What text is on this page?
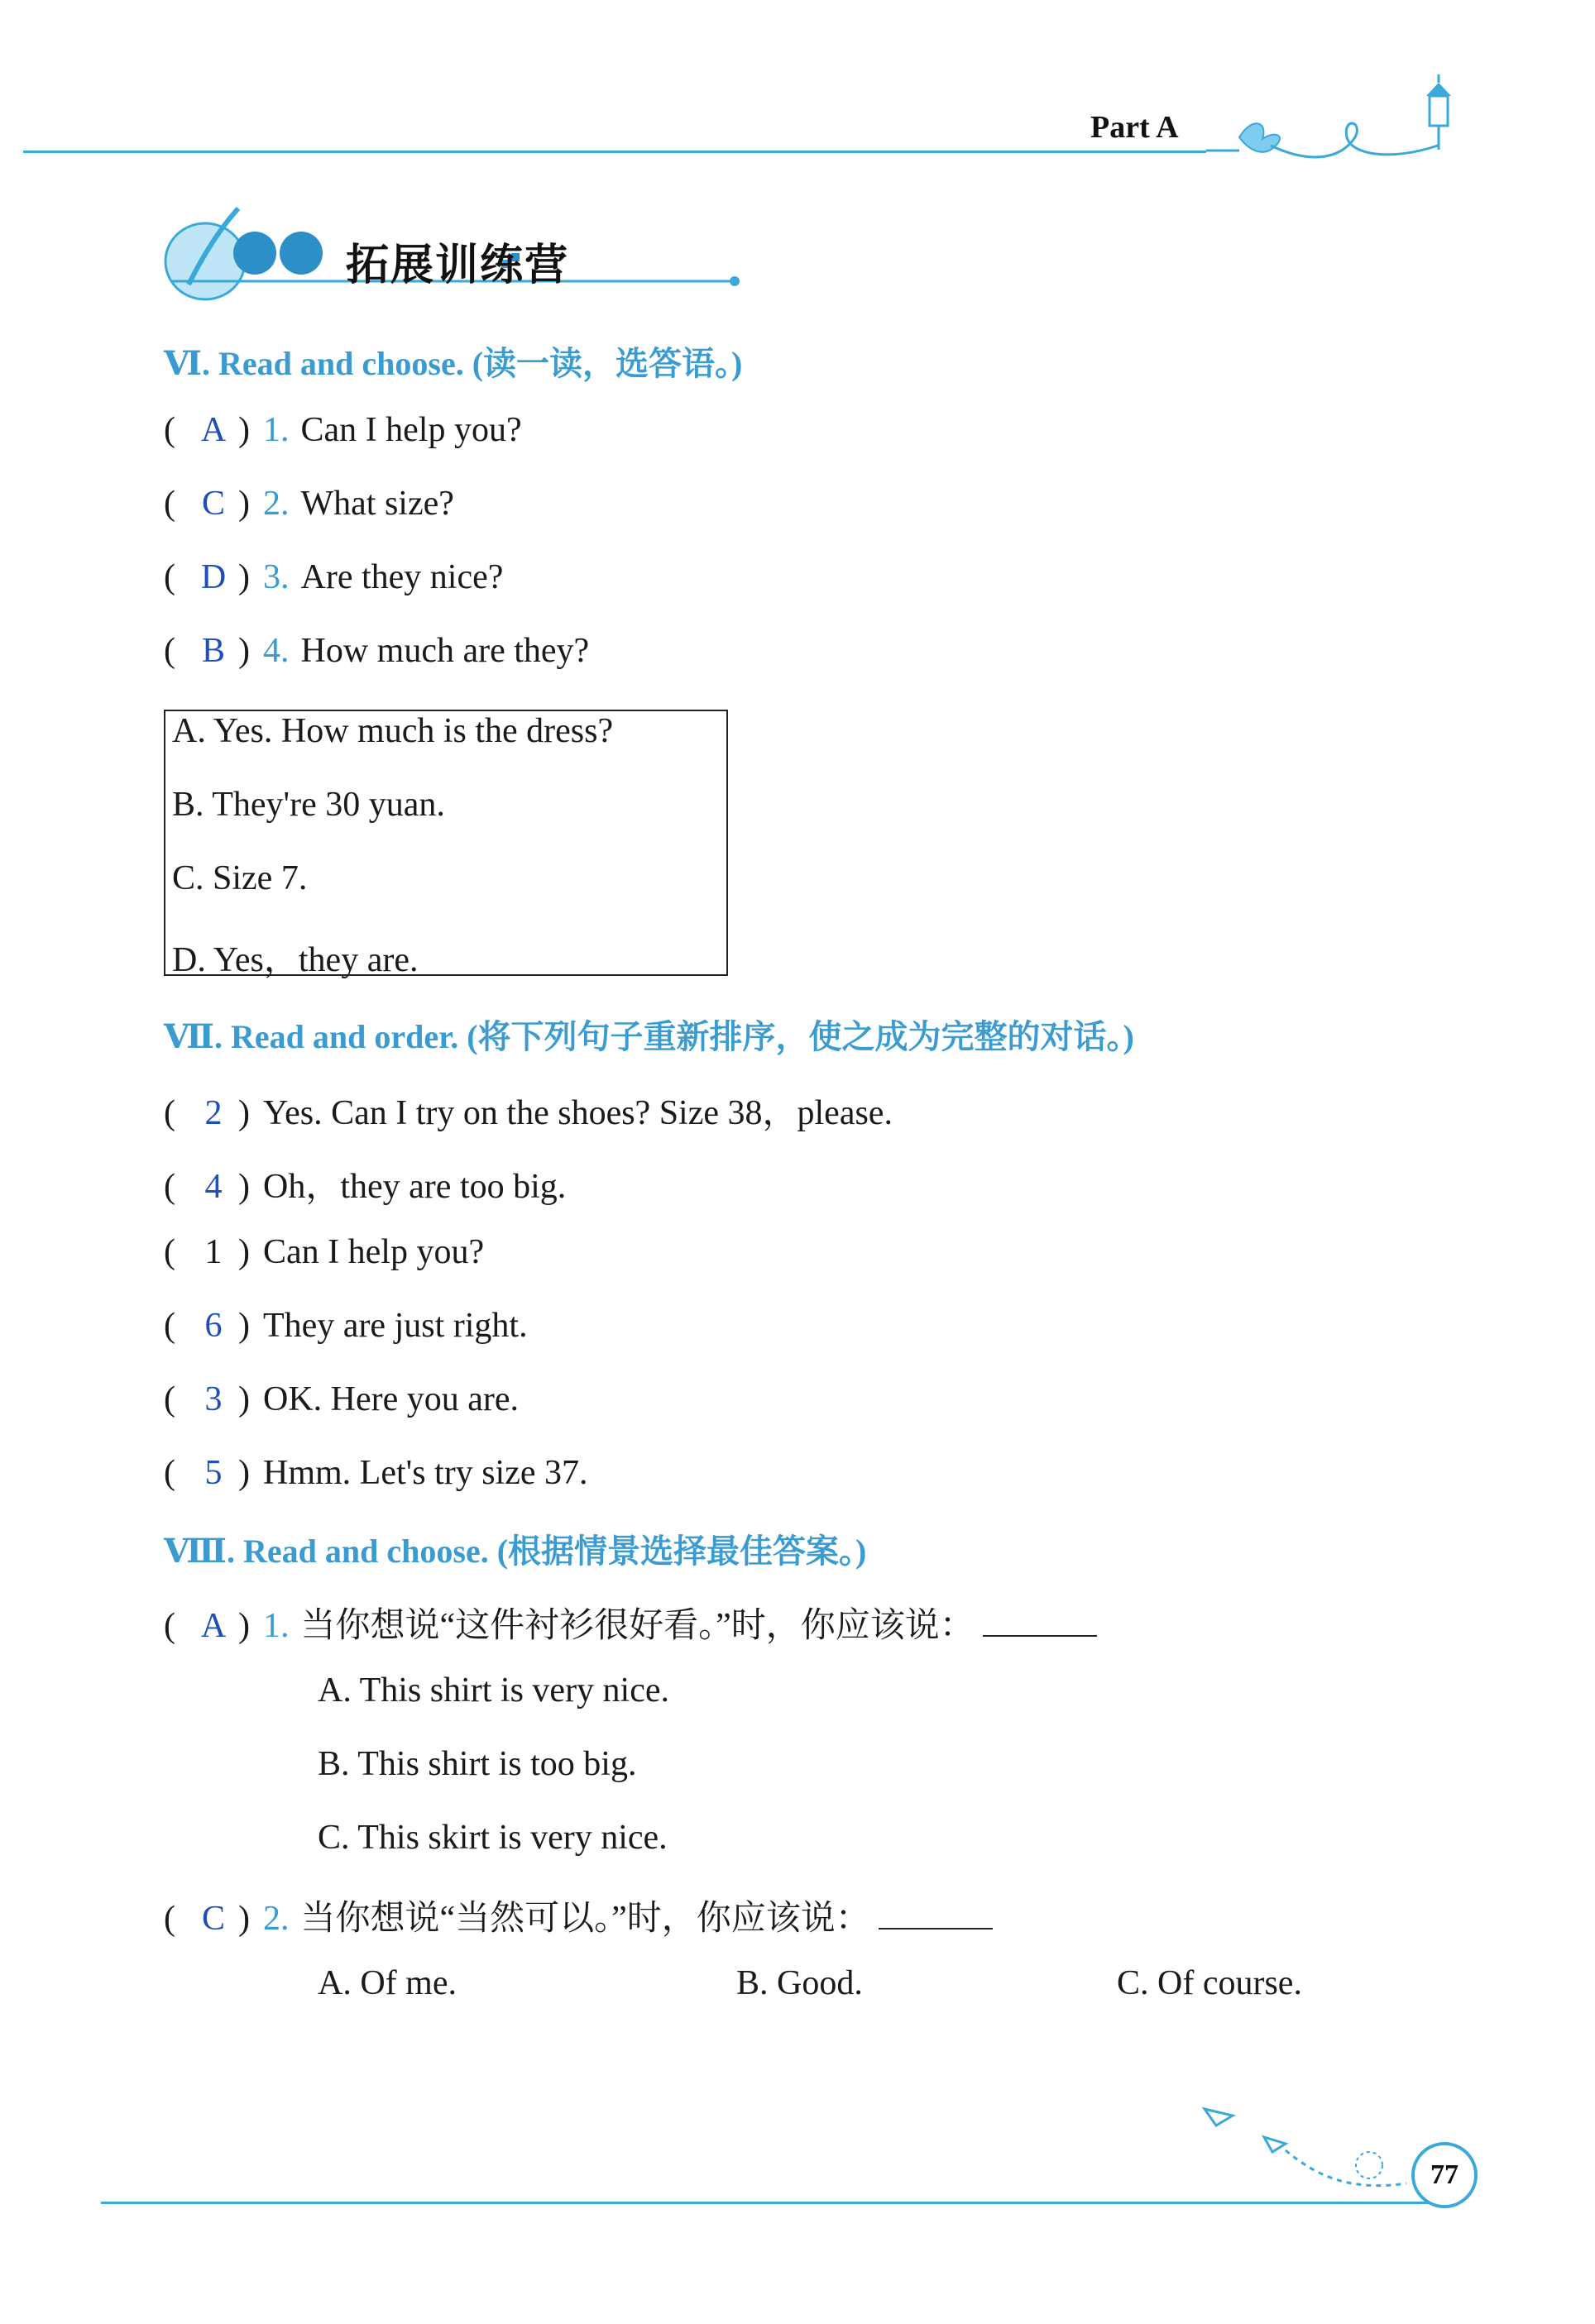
Part A
拓展训练营
Ⅵ. Read and choose. (读一读，选答语。)
( A ) 1. Can I help you?
( C ) 2. What size?
( D ) 3. Are they nice?
( B ) 4. How much are they?
A. Yes. How much is the dress?
B. They're 30 yuan.
C. Size 7.
D. Yes，they are.
Ⅶ. Read and order. (将下列句子重新排序，使之成为完整的对话。)
( 2 ) Yes. Can I try on the shoes? Size 38，please.
( 4 ) Oh，they are too big.
( 1 ) Can I help you?
( 6 ) They are just right.
( 3 ) OK. Here you are.
( 5 ) Hmm. Let's try size 37.
Ⅷ. Read and choose. (根据情景选择最佳答案。)
( A ) 1. 当你想说“这件衬衫很好看。”时，你应该说：
A. This shirt is very nice.
B. This shirt is too big.
C. This skirt is very nice.
( C ) 2. 当你想说“当然可以。”时，你应该说：
A. Of me.	B. Good.	C. Of course.
77
